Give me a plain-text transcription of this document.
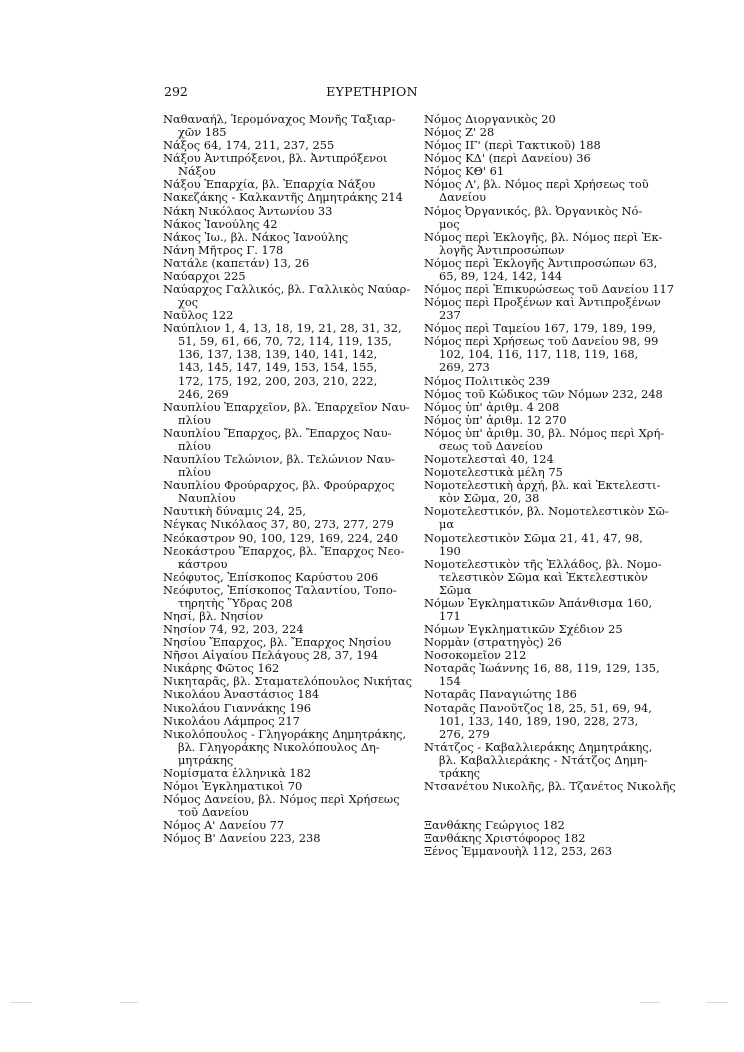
292	ΕΥΡΕΤΗΡΙΟΝ
Ναθαναήλ, Ἱερομόναχος Μονῆς Ταξιαρ-
χῶν 185
Νάξος 64, 174, 211, 237, 255
Νάξου Ἀντιπρόξενοι, βλ. Ἀντιπρόξενοι
Νάξου
Νάξου Ἐπαρχία, βλ. Ἐπαρχία Νάξου
Νακεζάκης - Καλκαντῆς Δημητράκης 214
Νάκη Νικόλαος Ἀντωνίου 33
Νάκος Ἰανούλης 42
Νάκος Ἰω., βλ. Νάκος Ἰανούλης
Νάνη Μῆτρος Γ. 178
Νατάλε (καπετάν) 13, 26
Ναύαρχοι 225
Ναύαρχος Γαλλικός, βλ. Γαλλικὸς Ναύαρ-
χος
Ναῦλος 122
Ναύπλιον 1, 4, 13, 18, 19, 21, 28, 31, 32,
51, 59, 61, 66, 70, 72, 114, 119, 135,
136, 137, 138, 139, 140, 141, 142,
143, 145, 147, 149, 153, 154, 155,
172, 175, 192, 200, 203, 210, 222,
246, 269
Ναυπλίου Ἐπαρχεῖον, βλ. Ἐπαρχεῖον Ναυ-
πλίου
Ναυπλίου Ἔπαρχος, βλ. Ἔπαρχος Ναυ-
πλίου
Ναυπλίου Τελώνιον, βλ. Τελώνιον Ναυ-
πλίου
Ναυπλίου Φρούραρχος, βλ. Φρούραρχος
Ναυπλίου
Ναυτικὴ δύναμις 24, 25,
Νέγκας Νικόλαος 37, 80, 273, 277, 279
Νεόκαστρον 90, 100, 129, 169, 224, 240
Νεοκάστρου Ἔπαρχος, βλ. Ἔπαρχος Νεο-
κάστρου
Νεόφυτος, Ἐπίσκοπος Καρύστου 206
Νεόφυτος, Ἐπίσκοπος Ταλαντίου, Τοπο-
τηρητὴς Ὕδρας 208
Νησί, βλ. Νησίον
Νησίον 74, 92, 203, 224
Νησίου Ἔπαρχος, βλ. Ἔπαρχος Νησίου
Νῆσοι Αἰγαίου Πελάγους 28, 37, 194
Νικάρης Φῶτος 162
Νικηταρᾶς, βλ. Σταματελόπουλος Νικήτας
Νικολάου Ἀναστάσιος 184
Νικολάου Γιαννάκης 196
Νικολάου Λάμπρος 217
Νικολόπουλος - Γληγοράκης Δημητράκης,
βλ. Γληγοράκης Νικολόπουλος Δη-
μητράκης
Νομίσματα ἑλληνικὰ 182
Νόμοι Ἐγκληματικοὶ 70
Νόμος Δανείου, βλ. Νόμος περὶ Χρήσεως
τοῦ Δανείου
Νόμος Α' Δανείου 77
Νόμος Β' Δανείου 223, 238
Νόμος Διοργανικὸς 20
Νόμος Ζ' 28
Νόμος ΙΓ' (περὶ Τακτικοῦ) 188
Νόμος ΚΔ' (περὶ Δανείου) 36
Νόμος ΚΘ' 61
Νόμος Λ', βλ. Νόμος περὶ Χρήσεως τοῦ
Δανείου
Νόμος Ὀργανικός, βλ. Ὀργανικὸς Νό-
μος
Νόμος περὶ Ἐκλογῆς, βλ. Νόμος περὶ Ἐκ-
λογῆς Ἀντιπροσώπων
Νόμος περὶ Ἐκλογῆς Ἀντιπροσώπων 63,
65, 89, 124, 142, 144
Νόμος περὶ Ἐπικυρώσεως τοῦ Δανείου 117
Νόμος περὶ Προξένων καὶ Ἀντιπροξένων
237
Νόμος περὶ Ταμείου 167, 179, 189, 199,
Νόμος περὶ Χρήσεως τοῦ Δανείου 98, 99
102, 104, 116, 117, 118, 119, 168,
269, 273
Νόμος Πολιτικὸς 239
Νόμος τοῦ Κώδικος τῶν Νόμων 232, 248
Νόμος ὑπ' ἀριθμ. 4 208
Νόμος ὑπ' ἀριθμ. 12 270
Νόμος ὑπ' ἀριθμ. 30, βλ. Νόμος περὶ Χρή-
σεως τοῦ Δανείου
Νομοτελεσταὶ 40, 124
Νομοτελεστικὰ μέλη 75
Νομοτελεστικὴ ἀρχή, βλ. καὶ Ἐκτελεστι-
κὸν Σῶμα, 20, 38
Νομοτελεστικόν, βλ. Νομοτελεστικὸν Σῶ-
μα
Νομοτελεστικὸν Σῶμα 21, 41, 47, 98,
190
Νομοτελεστικὸν τῆς Ἑλλάδος, βλ. Νομο-
τελεστικὸν Σῶμα καὶ Ἐκτελεστικὸν
Σῶμα
Νόμων Ἐγκληματικῶν Ἀπάνθισμα 160,
171
Νόμων Ἐγκληματικῶν Σχέδιον 25
Νορμὰν (στρατηγὸς) 26
Νοσοκομεῖον 212
Νοταρᾶς Ἰωάννης 16, 88, 119, 129, 135,
154
Νοταρᾶς Παναγιώτης 186
Νοταρᾶς Πανοῦτζος 18, 25, 51, 69, 94,
101, 133, 140, 189, 190, 228, 273,
276, 279
Ντάτζος - Καβαλλιεράκης Δημητράκης,
βλ. Καβαλλιεράκης - Ντάτζος Δημη-
τράκης
Ντσανέτου Νικολῆς, βλ. Τζανέτος Νικολῆς
Ξανθάκης Γεώργιος 182
Ξανθάκης Χριστόφορος 182
Ξένος Ἐμμανουὴλ 112, 253, 263
